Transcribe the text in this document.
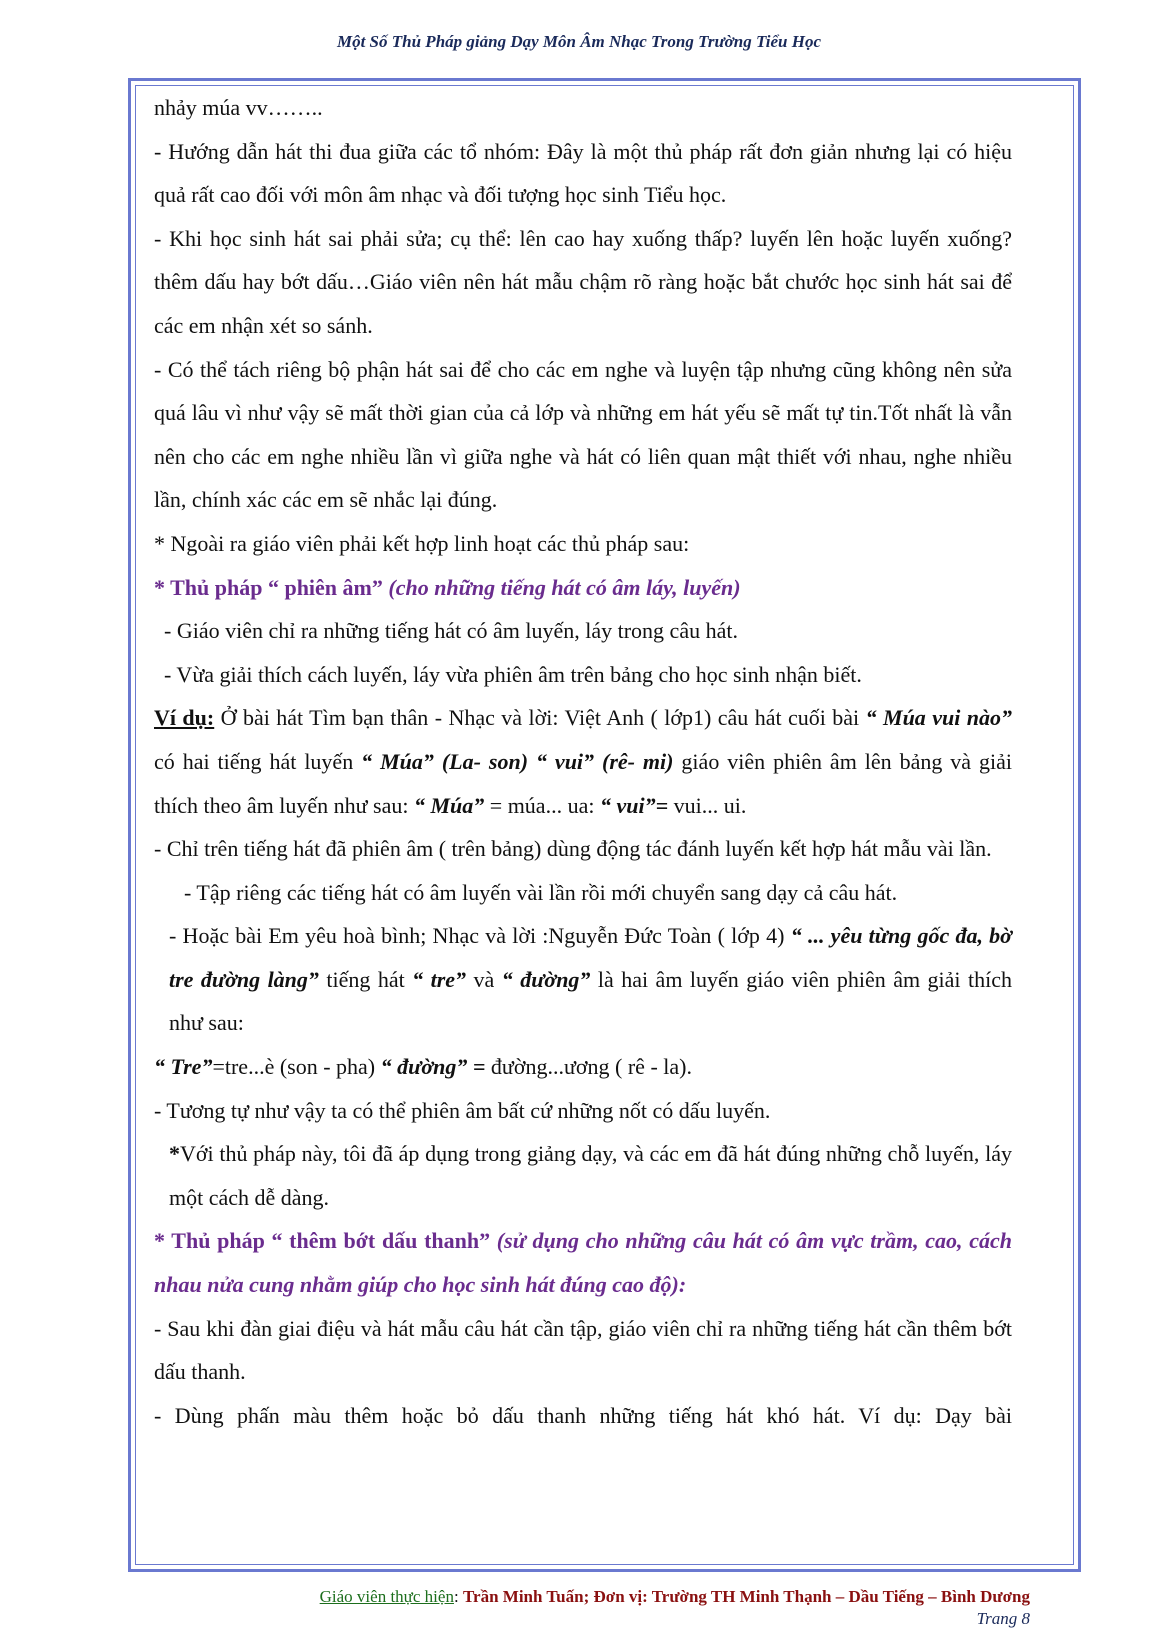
Một Số Thủ Pháp giảng Dạy Môn Âm Nhạc Trong Trường Tiểu Học

nhảy múa vv……..

- Hướng dẫn hát thi đua giữa các tổ nhóm: Đây là một thủ pháp rất đơn giản nhưng lại có hiệu quả rất cao đối với môn âm nhạc và đối tượng học sinh Tiểu học.

- Khi học sinh hát sai phải sửa; cụ thể: lên cao hay xuống thấp? luyến lên hoặc luyến xuống? thêm dấu hay bớt dấu…Giáo viên nên hát mẫu chậm rõ ràng hoặc bắt chước học sinh hát sai để các em nhận xét so sánh.

- Có thể tách riêng bộ phận hát sai để cho các em nghe và luyện tập nhưng cũng không nên sửa quá lâu vì như vậy sẽ mất thời gian của cả lớp và những em hát yếu sẽ mất tự tin.Tốt nhất là vẫn nên cho các em nghe nhiều lần vì giữa nghe và hát có liên quan mật thiết với nhau, nghe nhiều lần, chính xác các em sẽ nhắc lại đúng.

* Ngoài ra giáo viên phải kết hợp linh hoạt các thủ pháp sau:

* Thủ pháp “ phiên âm” (cho những tiếng hát có âm láy, luyến)

- Giáo viên chỉ ra những tiếng hát có âm luyến, láy trong câu hát.

- Vừa giải thích cách luyến, láy vừa phiên âm trên bảng cho học sinh nhận biết.

Ví dụ: Ở bài hát Tìm bạn thân - Nhạc và lời: Việt Anh ( lớp1) câu hát cuối bài “ Múa vui nào” có hai tiếng hát luyến “ Múa” (La- son) “ vui” (rê- mi) giáo viên phiên âm lên bảng và giải thích theo âm luyến như sau: “ Múa” = múa... ua: “ vui”= vui... ui.

- Chỉ trên tiếng hát đã phiên âm ( trên bảng) dùng động tác đánh luyến kết hợp hát mẫu vài lần.

- Tập riêng các tiếng hát có âm luyến vài lần rồi mới chuyển sang dạy cả câu hát.

- Hoặc bài Em yêu hoà bình; Nhạc và lời :Nguyễn Đức Toàn ( lớp 4) “ ... yêu từng gốc đa, bờ tre đường làng” tiếng hát “ tre” và “ đường” là hai âm luyến giáo viên phiên âm giải thích như sau:

“ Tre”=tre...è (son - pha) “ đường” = đường...ương ( rê - la).

- Tương tự như vậy ta có thể phiên âm bất cứ những nốt có dấu luyến.

*Với thủ pháp này, tôi đã áp dụng trong giảng dạy, và các em đã hát đúng những chỗ luyến, láy một cách dễ dàng.

* Thủ pháp “ thêm bớt dấu thanh” (sử dụng cho những câu hát có âm vực trầm, cao, cách nhau nửa cung nhằm giúp cho học sinh hát đúng cao độ):

- Sau khi đàn giai điệu và hát mẫu câu hát cần tập, giáo viên chỉ ra những tiếng hát cần thêm bớt dấu thanh.

- Dùng phấn màu thêm hoặc bỏ dấu thanh những tiếng hát khó hát. Ví dụ: Dạy bài

Giáo viên thực hiện: Trần Minh Tuấn; Đơn vị: Trường TH Minh Thạnh – Dầu Tiếng – Bình Dương
Trang 8
